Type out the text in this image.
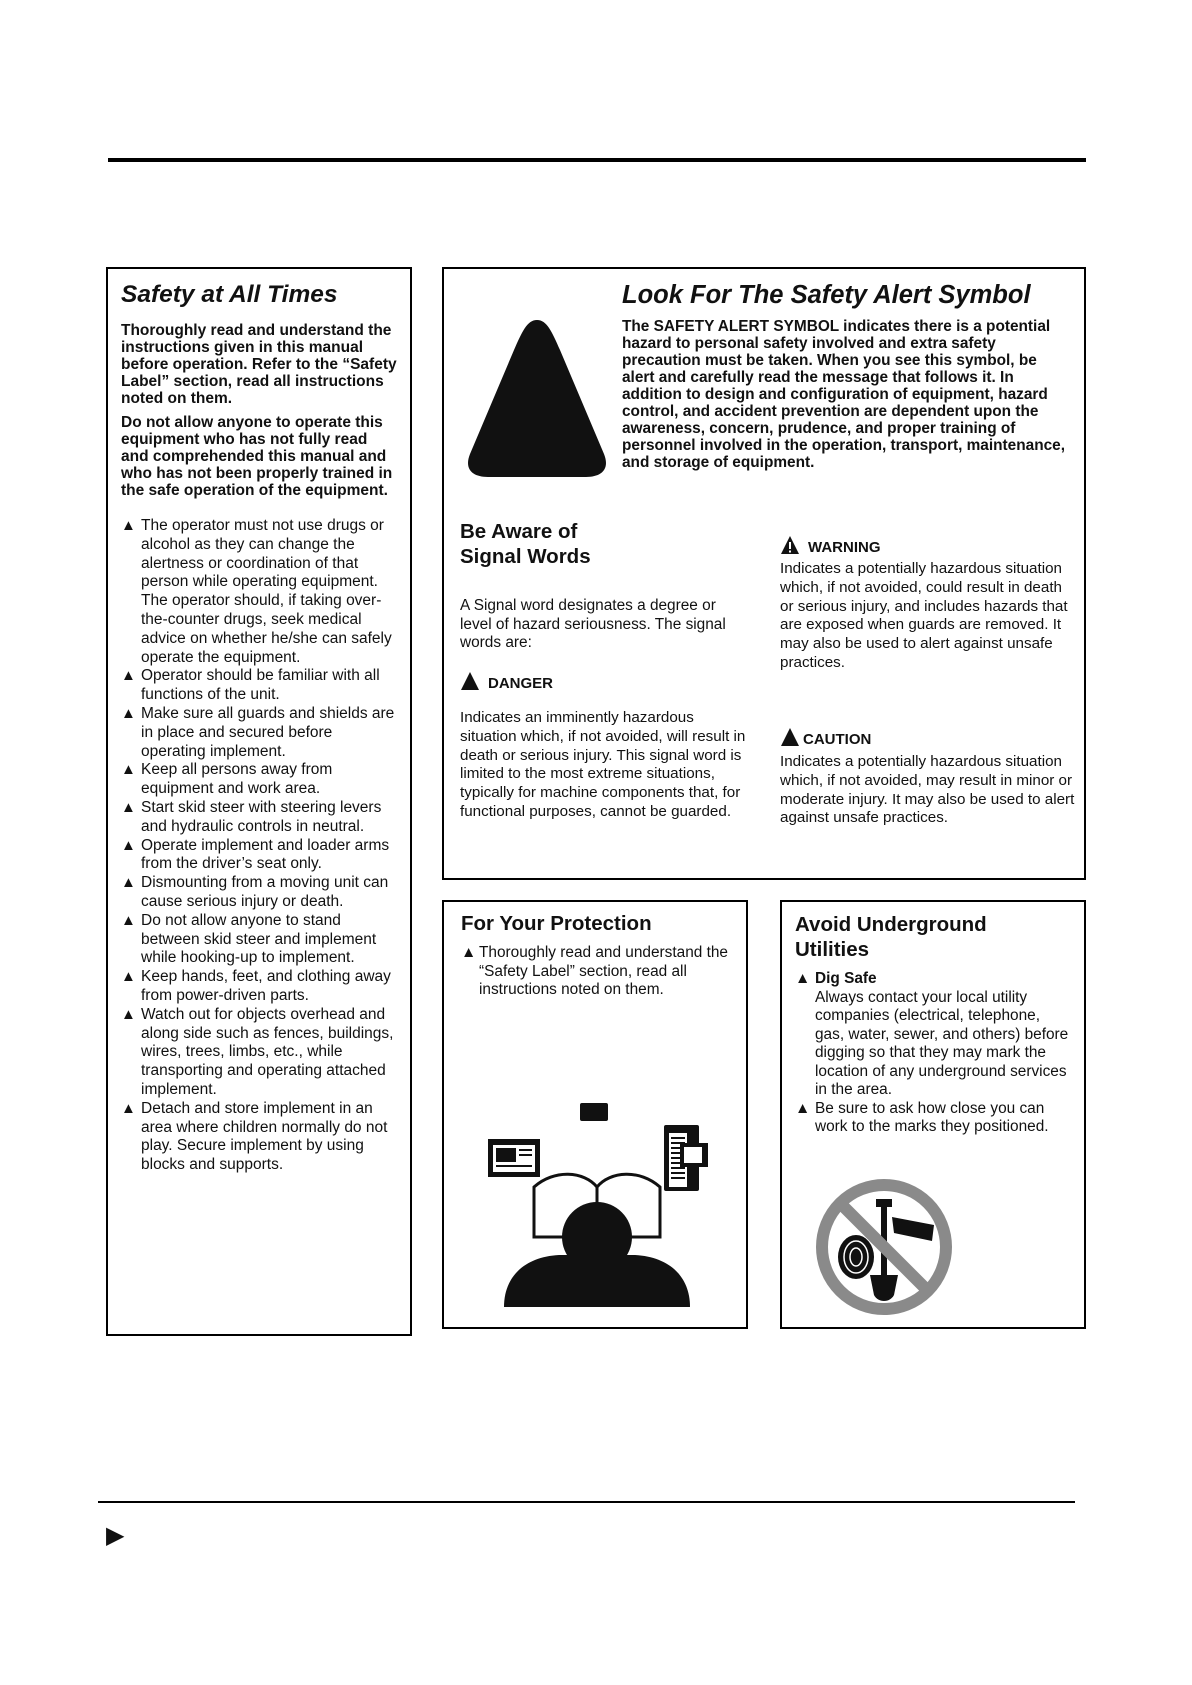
Safety at All Times

Thoroughly read and understand the instructions given in this manual before operation. Refer to the “Safety Label” section, read all instructions noted on them.

Do not allow anyone to operate this equipment who has not fully read and comprehended this manual and who has not been properly trained in the safe operation of the equipment.

▲ The operator must not use drugs or alcohol as they can change the alertness or coordination of that person while operating equipment. The operator should, if taking over-the-counter drugs, seek medical advice on whether he/she can safely operate the equipment.
▲ Operator should be familiar with all functions of the unit.
▲ Make sure all guards and shields are in place and secured before operating implement.
▲ Keep all persons away from equipment and work area.
▲ Start skid steer with steering levers and hydraulic controls in neutral.
▲ Operate implement and loader arms from the driver’s seat only.
▲ Dismounting from a moving unit can cause serious injury or death.
▲ Do not allow anyone to stand between skid steer and implement while hooking-up to implement.
▲ Keep hands, feet, and clothing away from power-driven parts.
▲ Watch out for objects overhead and along side such as fences, buildings, wires, trees, limbs, etc., while transporting and operating attached implement.
▲ Detach and store implement in an area where children normally do not play. Secure implement by using blocks and supports.
Look For The Safety Alert Symbol

The SAFETY ALERT SYMBOL indicates there is a potential hazard to personal safety involved and extra safety precaution must be taken. When you see this symbol, be alert and carefully read the message that follows it. In addition to design and configuration of equipment, hazard control, and accident prevention are dependent upon the awareness, concern, prudence, and proper training of personnel involved in the operation, transport, maintenance, and storage of equipment.

Be Aware of
Signal Words

A Signal word designates a degree or level of hazard seriousness. The signal words are:

DANGER

Indicates an imminently hazardous situation which, if not avoided, will result in death or serious injury. This signal word is limited to the most extreme situations, typically for machine components that, for functional purposes, cannot be guarded.

WARNING

Indicates a potentially hazardous situation which, if not avoided, could result in death or serious injury, and includes hazards that are exposed when guards are removed. It may also be used to alert against unsafe practices.

CAUTION

Indicates a potentially hazardous situation which, if not avoided, may result in minor or moderate injury. It may also be used to alert against unsafe practices.

For Your Protection

▲ Thoroughly read and understand the “Safety Label” section, read all instructions noted on them.

Avoid Underground
Utilities
▲ Dig Safe
Always contact your local utility companies (electrical, telephone, gas, water, sewer, and others) before digging so that they may mark the location of any underground services in the area.
▲ Be sure to ask how close you can work to the marks they positioned.
▶
